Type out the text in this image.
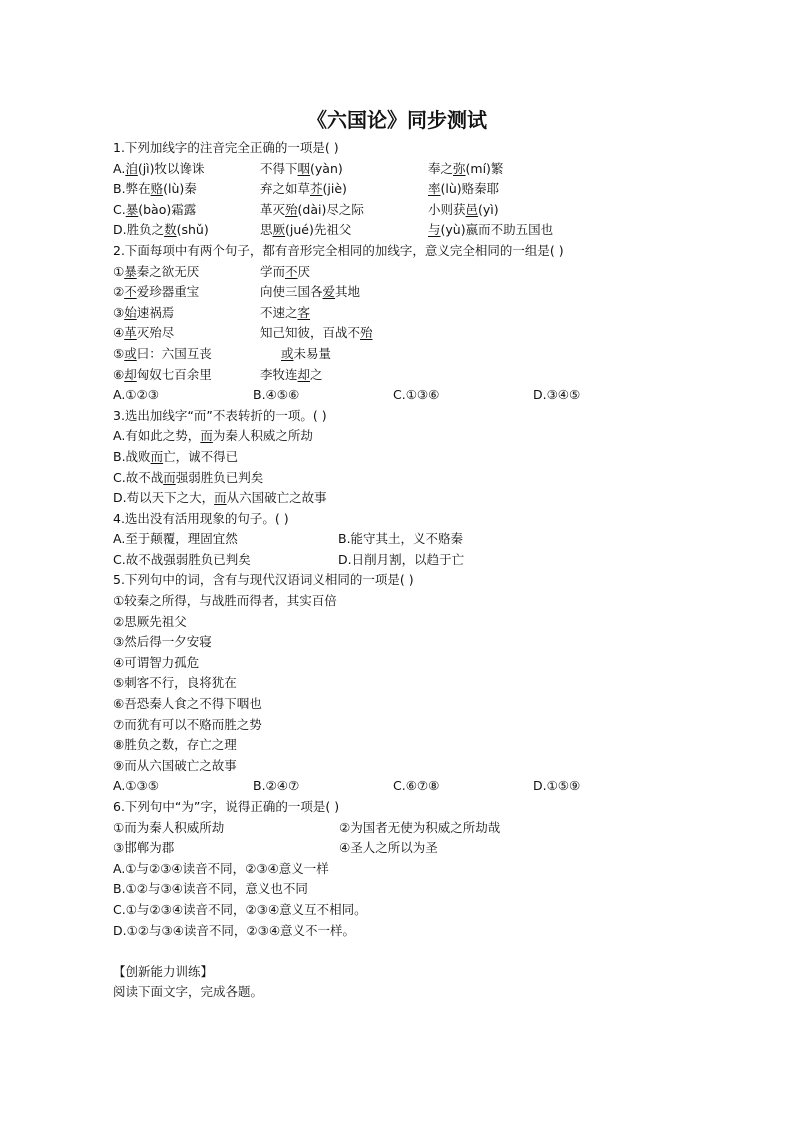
《六国论》同步测试
1.下列加线字的注音完全正确的一项是( )
A.洎(jì)牧以谗诛	不得下咽(yàn)	奉之弥(mí)繁
B.弊在赂(lù)秦	弃之如草芥(jiè)	率(lù)赂秦耶
C.暴(bào)霜露	革灭殆(dài)尽之际	小则获邑(yì)
D.胜负之数(shǔ)	思厥(jué)先祖父	与(yù)嬴而不助五国也
2.下面每项中有两个句子，都有音形完全相同的加线字，意义完全相同的一组是( )
①暴秦之欲无厌	学而不厌
②不爱珍器重宝	向使三国各爱其地
③始速祸焉	不速之客
④革灭殆尽	知己知彼，百战不殆
⑤或曰：六国互丧	或未易量
⑥却匈奴七百余里	李牧连却之
A.①②③	B.④⑤⑥	C.①③⑥	D.③④⑤
3.选出加线字“而”不表转折的一项。( )
A.有如此之势，而为秦人积威之所劫
B.战败而亡，诚不得已
C.故不战而强弱胜负已判矣
D.苟以天下之大，而从六国破亡之故事
4.选出没有活用现象的句子。( )
A.至于颠覆，理固宜然	B.能守其土，义不赂秦
C.故不战强弱胜负已判矣	D.日削月割，以趋于亡
5.下列句中的词，含有与现代汉语词义相同的一项是( )
①较秦之所得，与战胜而得者，其实百倍
②思厥先祖父
③然后得一夕安寝
④可谓智力孤危
⑤刺客不行，良将犹在
⑥吾恐秦人食之不得下咽也
⑦而犹有可以不赂而胜之势
⑧胜负之数，存亡之理
⑨而从六国破亡之故事
A.①③⑤	B.②④⑦	C.⑥⑦⑧	D.①⑤⑨
6.下列句中“为”字，说得正确的一项是( )
①而为秦人积威所劫	②为国者无使为积威之所劫哉
③邯郸为郡	④圣人之所以为圣
A.①与②③④读音不同，②③④意义一样
B.①②与③④读音不同，意义也不同
C.①与②③④读音不同，②③④意义互不相同。
D.①②与③④读音不同，②③④意义不一样。
【创新能力训练】
阅读下面文字，完成各题。
